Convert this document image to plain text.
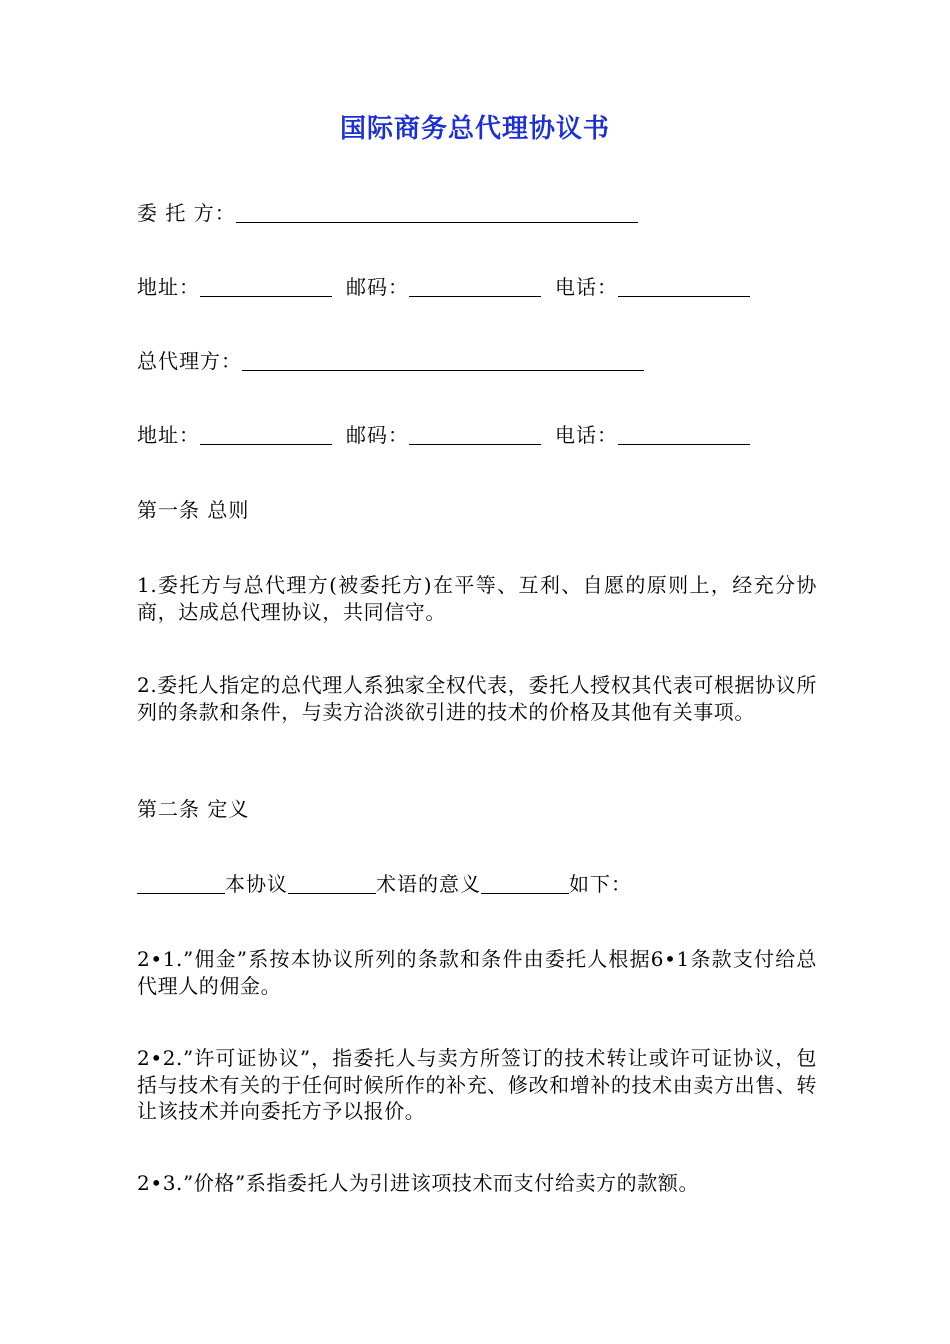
国际商务总代理协议书
委 托 方：
地址：	邮码：	电话：
总代理方：
地址：	邮码：	电话：
第一条 总则
1.委托方与总代理方(被委托方)在平等、互利、自愿的原则上，经充分协商，达成总代理协议，共同信守。
2.委托人指定的总代理人系独家全权代表，委托人授权其代表可根据协议所列的条款和条件，与卖方洽淡欲引进的技术的价格及其他有关事项。
第二条 定义
本协议	术语的意义	如下：
2•1.”佣金”系按本协议所列的条款和条件由委托人根据6•1条款支付给总代理人的佣金。
2•2.”许可证协议”，指委托人与卖方所签订的技术转让或许可证协议，包括与技术有关的于任何时候所作的补充、修改和增补的技术由卖方出售、转让该技术并向委托方予以报价。
2•3.”价格”系指委托人为引进该项技术而支付给卖方的款额。
